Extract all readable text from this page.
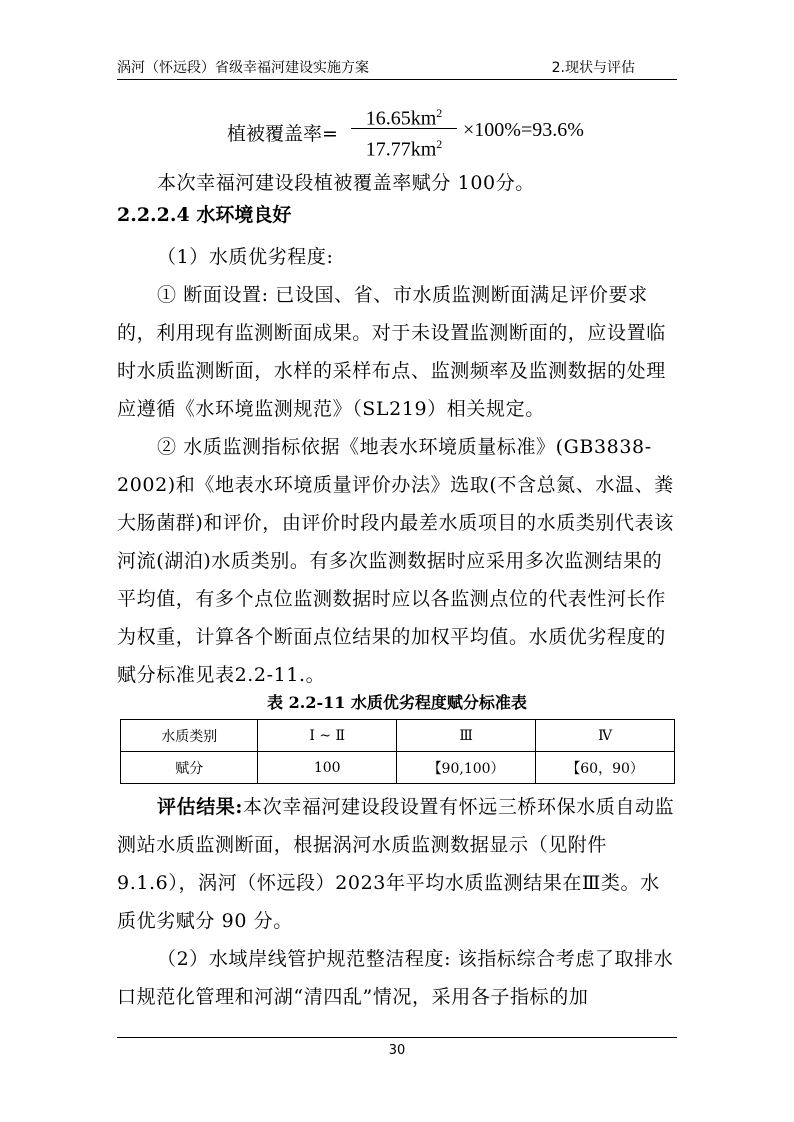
涡河（怀远段）省级幸福河建设实施方案	2.现状与评估
植被覆盖率=
$16.65km^2$
$17.77km^2$
×100%=93.6%
本次幸福河建设段植被覆盖率赋分 100分。
2.2.2.4 水环境良好
（1）水质优劣程度:
① 断面设置: 已设国、省、市水质监测断面满足评价要求的，利用现有监测断面成果。对于未设置监测断面的，应设置临时水质监测断面，水样的采样布点、监测频率及监测数据的处理应遵循《水环境监测规范》（SL219）相关规定。
② 水质监测指标依据《地表水环境质量标准》(GB3838-2002)和《地表水环境质量评价办法》选取(不含总氮、水温、粪大肠菌群)和评价，由评价时段内最差水质项目的水质类别代表该河流(湖泊)水质类别。有多次监测数据时应采用多次监测结果的平均值，有多个点位监测数据时应以各监测点位的代表性河长作为权重，计算各个断面点位结果的加权平均值。水质优劣程度的赋分标准见表2.2-11.。
表 2.2-11 水质优劣程度赋分标准表
水质类别	Ⅰ ~ Ⅱ	Ⅲ	Ⅳ
赋分	100	【90,100）	【60，90）
评估结果:本次幸福河建设段设置有怀远三桥环保水质自动监测站水质监测断面，根据涡河水质监测数据显示（见附件 9.1.6），涡河（怀远段）2023年平均水质监测结果在Ⅲ类。水质优劣赋分 90 分。
（2）水域岸线管护规范整洁程度: 该指标综合考虑了取排水口规范化管理和河湖“清四乱”情况，采用各子指标的加
30
